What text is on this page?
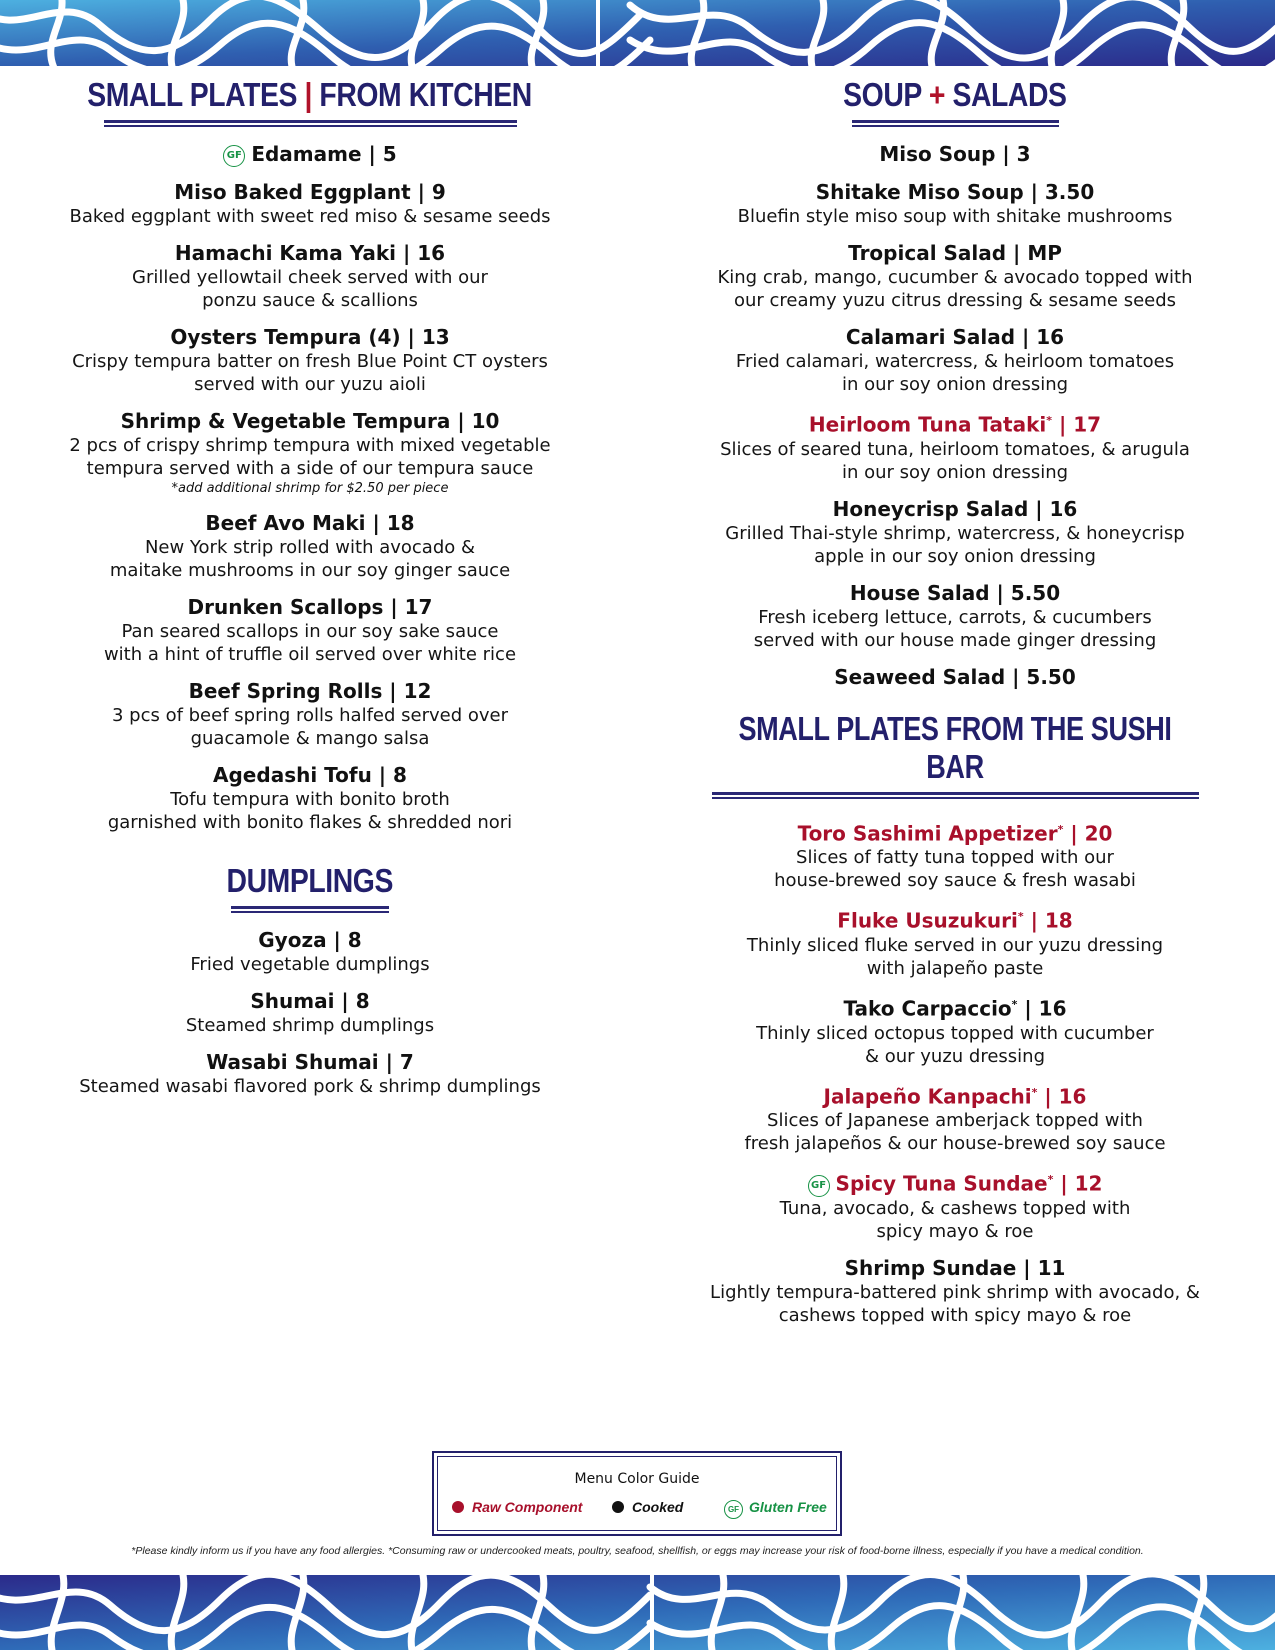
SMALL PLATES | FROM KITCHEN
GF Edamame | 5
Miso Baked Eggplant | 9
Baked eggplant with sweet red miso & sesame seeds
Hamachi Kama Yaki | 16
Grilled yellowtail cheek served with our
ponzu sauce & scallions
Oysters Tempura (4) | 13
Crispy tempura batter on fresh Blue Point CT oysters
served with our yuzu aioli
Shrimp & Vegetable Tempura | 10
2 pcs of crispy shrimp tempura with mixed vegetable
tempura served with a side of our tempura sauce
*add additional shrimp for $2.50 per piece
Beef Avo Maki | 18
New York strip rolled with avocado &
maitake mushrooms in our soy ginger sauce
Drunken Scallops | 17
Pan seared scallops in our soy sake sauce
with a hint of truffle oil served over white rice
Beef Spring Rolls | 12
3 pcs of beef spring rolls halfed served over
guacamole & mango salsa
Agedashi Tofu | 8
Tofu tempura with bonito broth
garnished with bonito flakes & shredded nori
DUMPLINGS
Gyoza | 8
Fried vegetable dumplings
Shumai | 8
Steamed shrimp dumplings
Wasabi Shumai | 7
Steamed wasabi flavored pork & shrimp dumplings
SOUP + SALADS
Miso Soup | 3
Shitake Miso Soup | 3.50
Bluefin style miso soup with shitake mushrooms
Tropical Salad | MP
King crab, mango, cucumber & avocado topped with
our creamy yuzu citrus dressing & sesame seeds
Calamari Salad | 16
Fried calamari, watercress, & heirloom tomatoes
in our soy onion dressing
Heirloom Tuna Tataki* | 17
Slices of seared tuna, heirloom tomatoes, & arugula
in our soy onion dressing
Honeycrisp Salad | 16
Grilled Thai-style shrimp, watercress, & honeycrisp
apple in our soy onion dressing
House Salad | 5.50
Fresh iceberg lettuce, carrots, & cucumbers
served with our house made ginger dressing
Seaweed Salad | 5.50
SMALL PLATES FROM THE SUSHI BAR
Toro Sashimi Appetizer* | 20
Slices of fatty tuna topped with our
house-brewed soy sauce & fresh wasabi
Fluke Usuzukuri* | 18
Thinly sliced fluke served in our yuzu dressing
with jalapeño paste
Tako Carpaccio* | 16
Thinly sliced octopus topped with cucumber
& our yuzu dressing
Jalapeño Kanpachi* | 16
Slices of Japanese amberjack topped with
fresh jalapeños & our house-brewed soy sauce
GF Spicy Tuna Sundae* | 12
Tuna, avocado, & cashews topped with
spicy mayo & roe
Shrimp Sundae | 11
Lightly tempura-battered pink shrimp with avocado, &
cashews topped with spicy mayo & roe
Menu Color Guide
Raw Component	Cooked	GF Gluten Free
*Please kindly inform us if you have any food allergies. *Consuming raw or undercooked meats, poultry, seafood, shellfish, or eggs may increase your risk of food-borne illness, especially if you have a medical condition.
